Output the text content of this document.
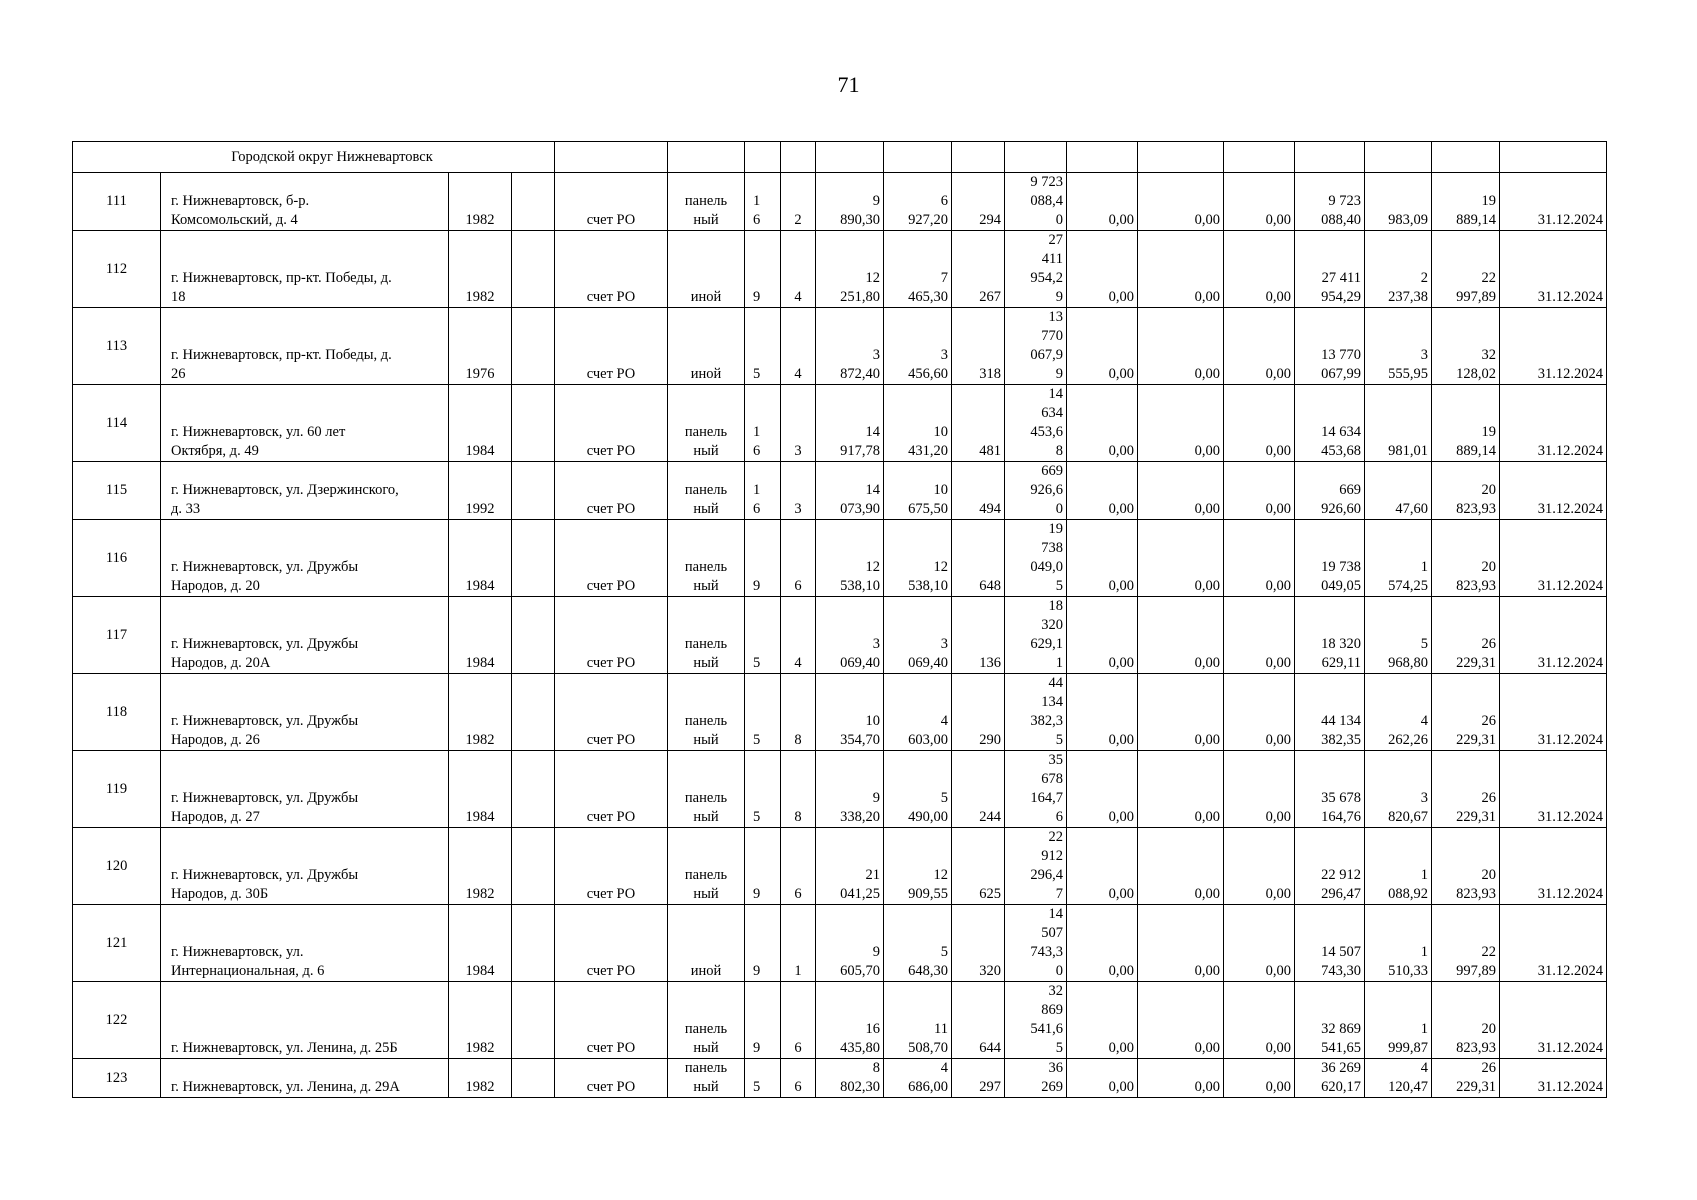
71
Городской округ Нижневартовск																		
111	г. Нижневартовск, б-р.
Комсомольский, д. 4	1982		счет РО	панель
ный	1
6	2	9
890,30	6
927,20	294	9 723
088,4
0	0,00	0,00	0,00	9 723
088,40	983,09	19
889,14	31.12.2024
112	г. Нижневартовск, пр-кт. Победы, д.
18	1982		счет РО	иной	9	4	12
251,80	7
465,30	267	27
411
954,2
9	0,00	0,00	0,00	27 411
954,29	2
237,38	22
997,89	31.12.2024
113	г. Нижневартовск, пр-кт. Победы, д.
26	1976		счет РО	иной	5	4	3
872,40	3
456,60	318	13
770
067,9
9	0,00	0,00	0,00	13 770
067,99	3
555,95	32
128,02	31.12.2024
114	г. Нижневартовск, ул. 60 лет
Октября, д. 49	1984		счет РО	панель
ный	1
6	3	14
917,78	10
431,20	481	14
634
453,6
8	0,00	0,00	0,00	14 634
453,68	981,01	19
889,14	31.12.2024
115	г. Нижневартовск, ул. Дзержинского,
д. 33	1992		счет РО	панель
ный	1
6	3	14
073,90	10
675,50	494	669
926,6
0	0,00	0,00	0,00	669
926,60	47,60	20
823,93	31.12.2024
116	г. Нижневартовск, ул. Дружбы
Народов, д. 20	1984		счет РО	панель
ный	9	6	12
538,10	12
538,10	648	19
738
049,0
5	0,00	0,00	0,00	19 738
049,05	1
574,25	20
823,93	31.12.2024
117	г. Нижневартовск, ул. Дружбы
Народов, д. 20А	1984		счет РО	панель
ный	5	4	3
069,40	3
069,40	136	18
320
629,1
1	0,00	0,00	0,00	18 320
629,11	5
968,80	26
229,31	31.12.2024
118	г. Нижневартовск, ул. Дружбы
Народов, д. 26	1982		счет РО	панель
ный	5	8	10
354,70	4
603,00	290	44
134
382,3
5	0,00	0,00	0,00	44 134
382,35	4
262,26	26
229,31	31.12.2024
119	г. Нижневартовск, ул. Дружбы
Народов, д. 27	1984		счет РО	панель
ный	5	8	9
338,20	5
490,00	244	35
678
164,7
6	0,00	0,00	0,00	35 678
164,76	3
820,67	26
229,31	31.12.2024
120	г. Нижневартовск, ул. Дружбы
Народов, д. 30Б	1982		счет РО	панель
ный	9	6	21
041,25	12
909,55	625	22
912
296,4
7	0,00	0,00	0,00	22 912
296,47	1
088,92	20
823,93	31.12.2024
121	г. Нижневартовск, ул.
Интернациональная, д. 6	1984		счет РО	иной	9	1	9
605,70	5
648,30	320	14
507
743,3
0	0,00	0,00	0,00	14 507
743,30	1
510,33	22
997,89	31.12.2024
122	г. Нижневартовск, ул. Ленина, д. 25Б	1982		счет РО	панель
ный	9	6	16
435,80	11
508,70	644	32
869
541,6
5	0,00	0,00	0,00	32 869
541,65	1
999,87	20
823,93	31.12.2024
123	г. Нижневартовск, ул. Ленина, д. 29А	1982		счет РО	панель
ный	5	6	8
802,30	4
686,00	297	36
269	0,00	0,00	0,00	36 269
620,17	4
120,47	26
229,31	31.12.2024
